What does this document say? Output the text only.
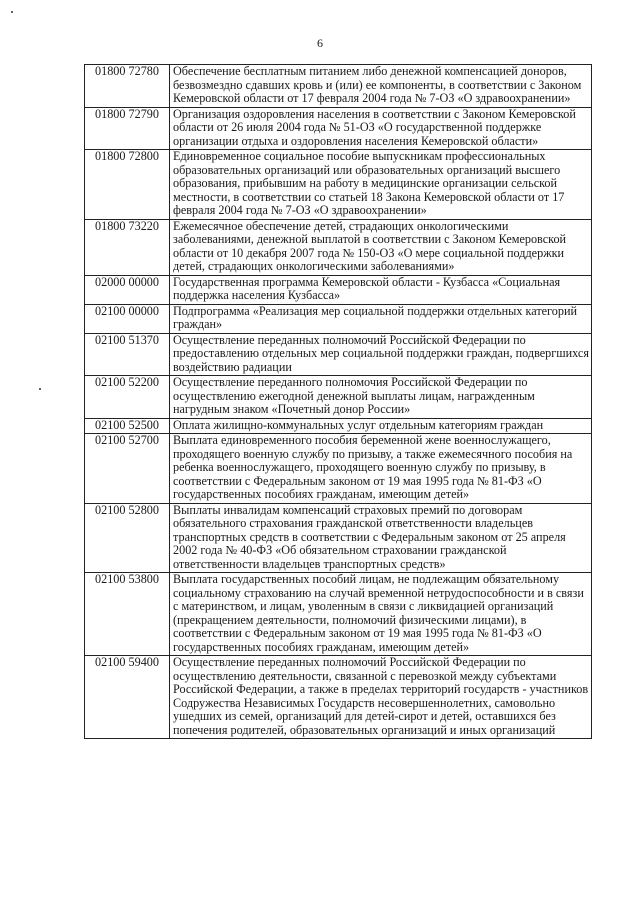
6
01800 72780	Обеспечение бесплатным питанием либо денежной компенсацией доноров, безвозмездно сдавших кровь и (или) ее компоненты, в соответствии с Законом Кемеровской области от 17 февраля 2004 года № 7-ОЗ «О здравоохранении»
01800 72790	Организация оздоровления населения в соответствии с Законом Кемеровской области от 26 июля 2004 года № 51-ОЗ «О государственной поддержке организации отдыха и оздоровления населения Кемеровской области»
01800 72800	Единовременное социальное пособие выпускникам профессиональных образовательных организаций или образовательных организаций высшего образования, прибывшим на работу в медицинские организации сельской местности, в соответствии со статьей 18 Закона Кемеровской области от 17 февраля 2004 года № 7-ОЗ «О здравоохранении»
01800 73220	Ежемесячное обеспечение детей, страдающих онкологическими заболеваниями, денежной выплатой в соответствии с Законом Кемеровской области от 10 декабря 2007 года № 150-ОЗ «О мере социальной поддержки детей, страдающих онкологическими заболеваниями»
02000 00000	Государственная программа Кемеровской области - Кузбасса «Социальная поддержка населения Кузбасса»
02100 00000	Подпрограмма «Реализация мер социальной поддержки отдельных категорий граждан»
02100 51370	Осуществление переданных полномочий Российской Федерации по предоставлению отдельных мер социальной поддержки граждан, подвергшихся воздействию радиации
02100 52200	Осуществление переданного полномочия Российской Федерации по осуществлению ежегодной денежной выплаты лицам, награжденным нагрудным знаком «Почетный донор России»
02100 52500	Оплата жилищно-коммунальных услуг отдельным категориям граждан
02100 52700	Выплата единовременного пособия беременной жене военнослужащего, проходящего военную службу по призыву, а также ежемесячного пособия на ребенка военнослужащего, проходящего военную службу по призыву, в соответствии с Федеральным законом от 19 мая 1995 года № 81-ФЗ «О государственных пособиях гражданам, имеющим детей»
02100 52800	Выплаты инвалидам компенсаций страховых премий по договорам обязательного страхования гражданской ответственности владельцев транспортных средств в соответствии с Федеральным законом от 25 апреля 2002 года № 40-ФЗ «Об обязательном страховании гражданской ответственности владельцев транспортных средств»
02100 53800	Выплата государственных пособий лицам, не подлежащим обязательному социальному страхованию на случай временной нетрудоспособности и в связи с материнством, и лицам, уволенным в связи с ликвидацией организаций (прекращением деятельности, полномочий физическими лицами), в соответствии с Федеральным законом от 19 мая 1995 года № 81-ФЗ «О государственных пособиях гражданам, имеющим детей»
02100 59400	Осуществление переданных полномочий Российской Федерации по осуществлению деятельности, связанной с перевозкой между субъектами Российской Федерации, а также в пределах территорий государств - участников Содружества Независимых Государств несовершеннолетних, самовольно ушедших из семей, организаций для детей-сирот и детей, оставшихся без попечения родителей, образовательных организаций и иных организаций
